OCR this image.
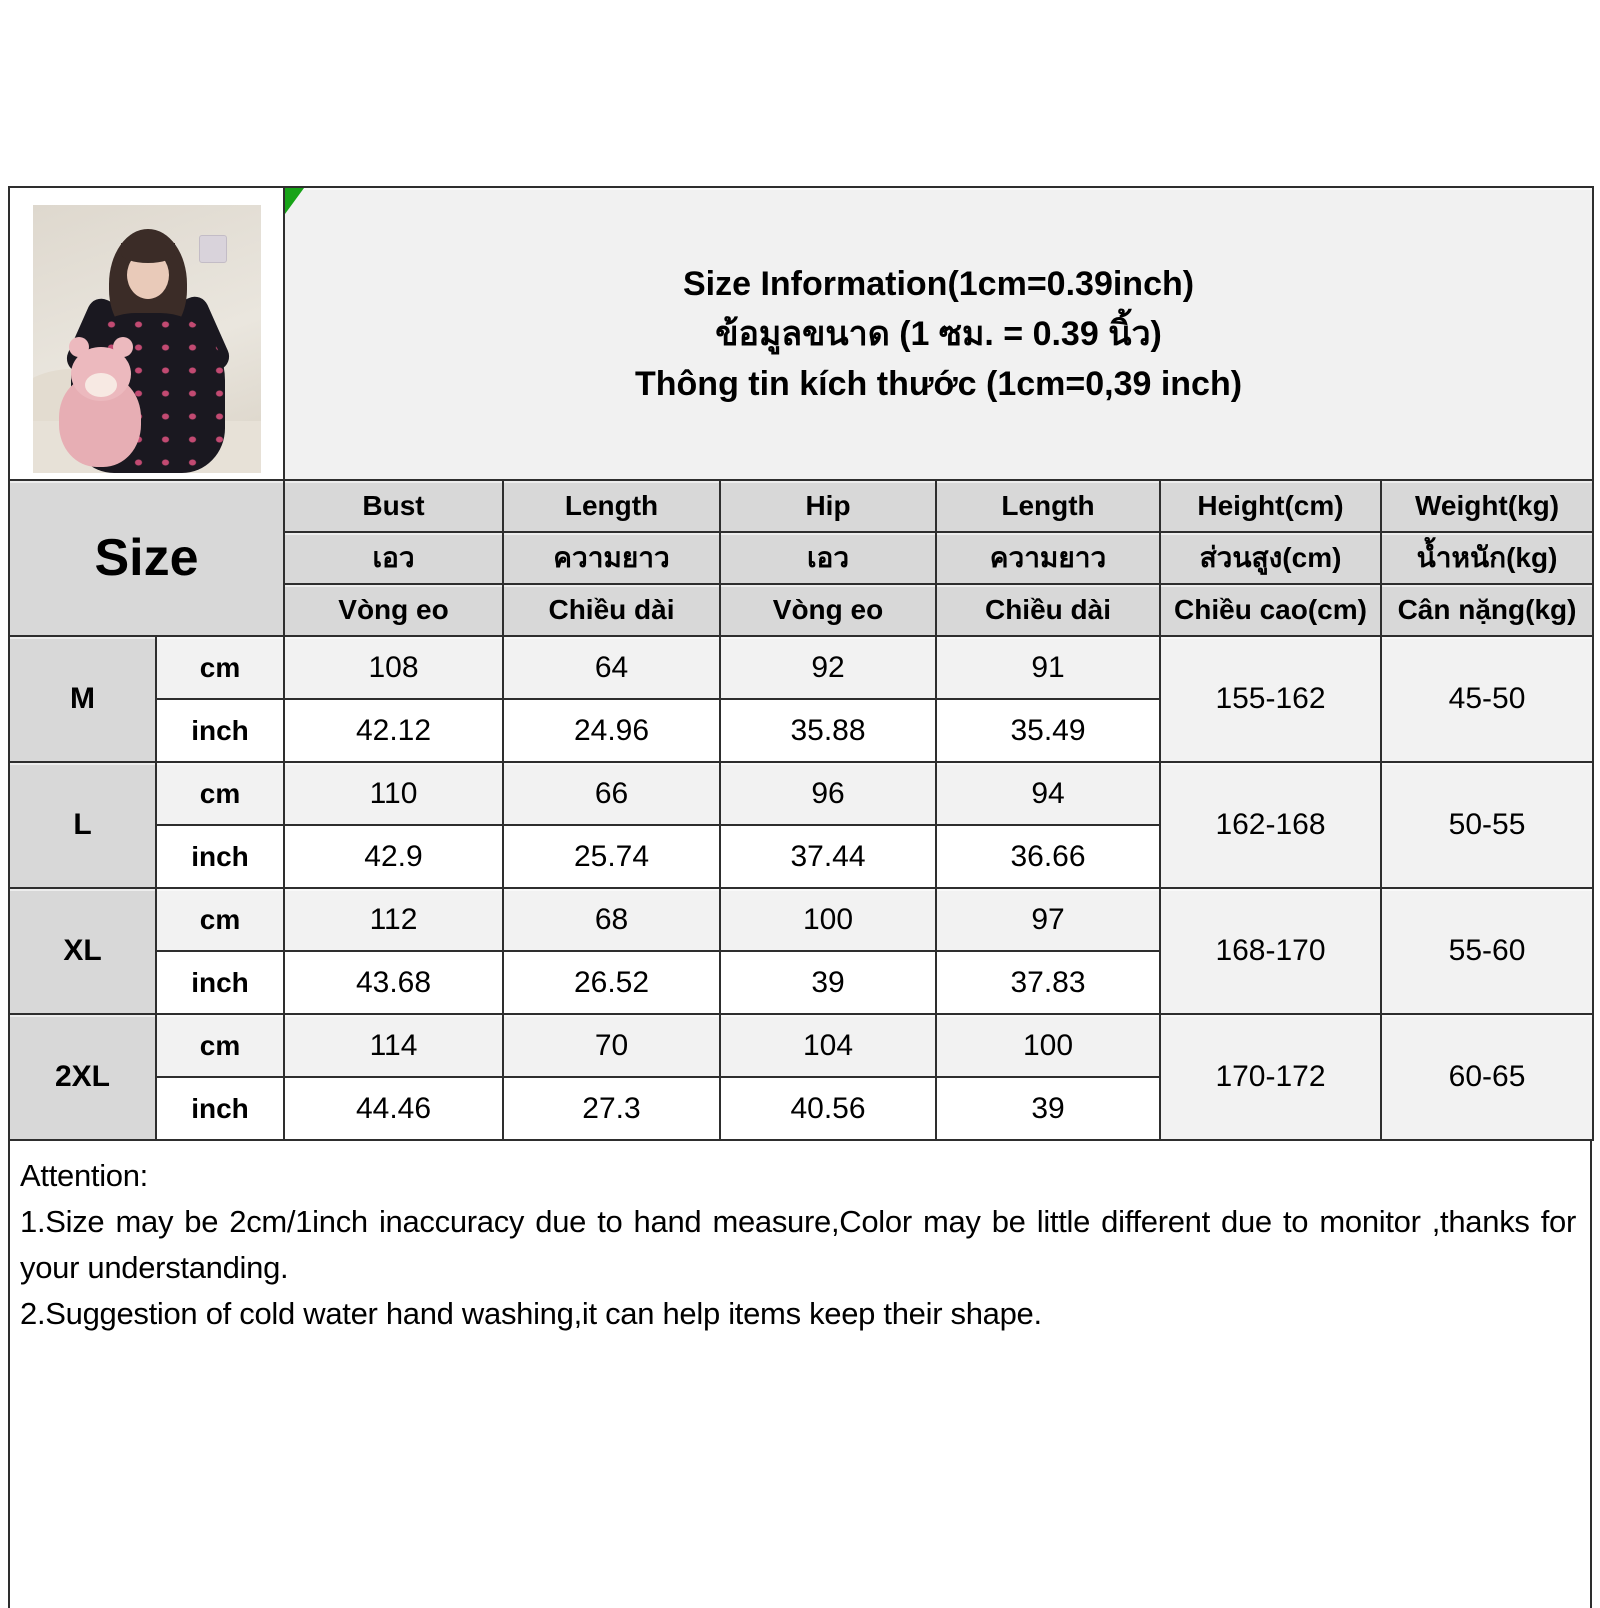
		Size Information(1cm=0.39inch)
ข้อมูลขนาด (1 ซม. = 0.39 นิ้ว)
Thông tin kích thước (1cm=0,39 inch)					

Size		Bust	Length	Hip	Length	Height(cm)	Weight(kg)
		เอว	ความยาว	เอว	ความยาว	ส่วนสูง(cm)	น้ำหนัก(kg)
		Vòng eo	Chiều dài	Vòng eo	Chiều dài	Chiều cao(cm)	Cân nặng(kg)
M	cm	108	64	92	91	155-162	45-50
	inch	42.12	24.96	35.88	35.49		
L	cm	110	66	96	94	162-168	50-55
	inch	42.9	25.74	37.44	36.66		
XL	cm	112	68	100	97	168-170	55-60
	inch	43.68	26.52	39	37.83		
2XL	cm	114	70	104	100	170-172	60-65
	inch	44.46	27.3	40.56	39		
Attention:

1.Size may be 2cm/1inch inaccuracy due to hand measure,Color may be little different due to monitor ,thanks for your understanding.

2.Suggestion of cold water hand washing,it can help items keep their shape.
